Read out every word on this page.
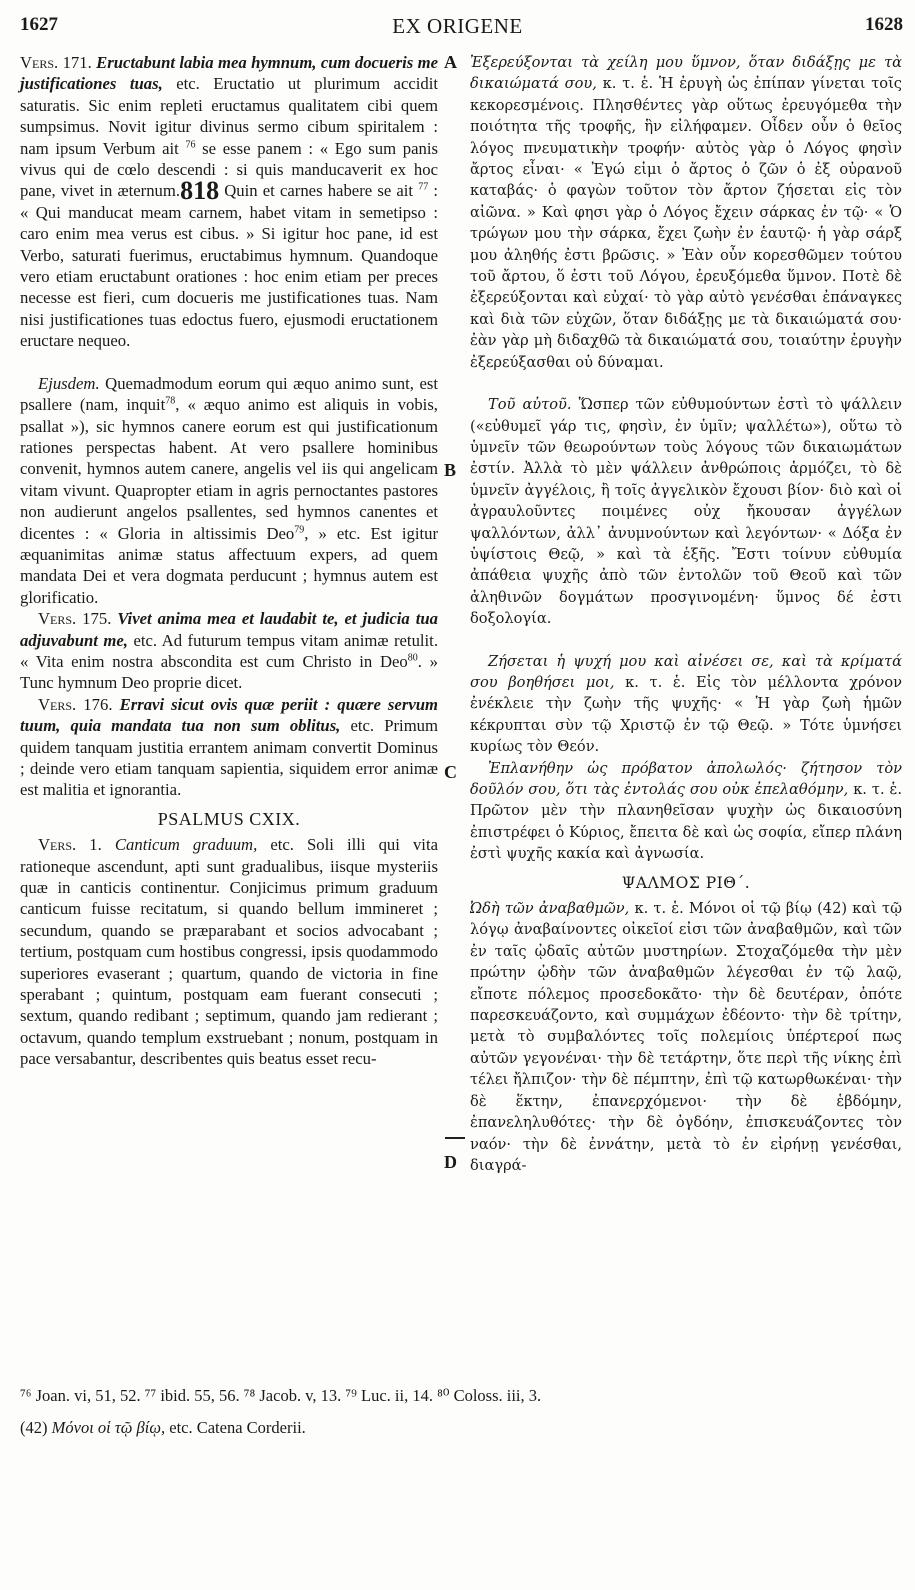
1627	EX ORIGENE	1628
A
B
C
D

Vers. 171. Eructabunt labia mea hymnum, cum docueris me justificationes tuas, etc. Eructatio ut plurimum accidit saturatis. Sic enim repleti eructamus qualitatem cibi quem sumpsimus. Novit igitur divinus sermo cibum spiritalem : nam ipsum Verbum ait $^{76}$ se esse panem : « Ego sum panis vivus qui de cœlo descendi : si quis manducaverit ex hoc pane, vivet in æternum.818 Quin et carnes habere se ait $^{77}$ : « Qui manducat meam carnem, habet vitam in semetipso : caro enim mea verus est cibus. » Si igitur hoc pane, id est Verbo, saturati fuerimus, eructabimus hymnum. Quandoque vero etiam eructabunt orationes : hoc enim etiam per preces necesse est fieri, cum docueris me justificationes tuas. Nam nisi justificationes tuas edoctus fuero, ejusmodi eructationem eructare nequeo.

Ejusdem. Quemadmodum eorum qui æquo animo sunt, est psallere (nam, inquit$^{78}$, « æquo animo est aliquis in vobis, psallat »), sic hymnos canere eorum est qui justificationum rationes perspectas habent. At vero psallere hominibus convenit, hymnos autem canere, angelis vel iis qui angelicam vitam vivunt. Quapropter etiam in agris pernoctantes pastores non audierunt angelos psallentes, sed hymnos canentes et dicentes : « Gloria in altissimis Deo$^{79}$, » etc. Est igitur æquanimitas animæ status affectuum expers, ad quem mandata Dei et vera dogmata perducunt ; hymnus autem est glorificatio.

Vers. 175. Vivet anima mea et laudabit te, et judicia tua adjuvabunt me, etc. Ad futurum tempus vitam animæ retulit. « Vita enim nostra abscondita est cum Christo in Deo$^{80}$. » Tunc hymnum Deo proprie dicet.

Vers. 176. Erravi sicut ovis quæ periit : quære servum tuum, quia mandata tua non sum oblitus, etc. Primum quidem tanquam justitia errantem animam convertit Dominus ; deinde vero etiam tanquam sapientia, siquidem error animæ est malitia et ignorantia.

PSALMUS CXIX.

Vers. 1. Canticum graduum, etc. Soli illi qui vita rationeque ascendunt, apti sunt gradualibus, iisque mysteriis quæ in canticis continentur. Conjicimus primum graduum canticum fuisse recitatum, si quando bellum immineret ; secundum, quando se præparabant et socios advocabant ; tertium, postquam cum hostibus congressi, ipsis quodammodo superiores evaserant ; quartum, quando de victoria in fine sperabant ; quintum, postquam eam fuerant consecuti ; sextum, quando redibant ; septimum, quando jam redierant ; octavum, quando templum exstruebant ; nonum, postquam in pace versabantur, describentes quis beatus esset recu-

Ἐξερεύξονται τὰ χείλη μου ὕμνον, ὅταν διδάξῃς με τὰ δικαιώματά σου, κ. τ. ἑ. Ἡ ἐρυγὴ ὡς ἐπίπαν γίνεται τοῖς κεκορεσμένοις. Πλησθέντες γὰρ οὕτως ἐρευγόμεθα τὴν ποιότητα τῆς τροφῆς, ἣν εἰλήφαμεν. Οἶδεν οὖν ὁ θεῖος λόγος πνευματικὴν τροφήν· αὐτὸς γὰρ ὁ Λόγος φησὶν ἄρτος εἶναι· « Ἐγώ εἰμι ὁ ἄρτος ὁ ζῶν ὁ ἐξ οὐρανοῦ καταβάς· ὁ φαγὼν τοῦτον τὸν ἄρτον ζήσεται εἰς τὸν αἰῶνα. » Καὶ φησι γὰρ ὁ Λόγος ἔχειν σάρκας ἐν τῷ· « Ὁ τρώγων μου τὴν σάρκα, ἔχει ζωὴν ἐν ἑαυτῷ· ἡ γὰρ σάρξ μου ἀληθής ἐστι βρῶσις. » Ἐὰν οὖν κορεσθῶμεν τούτου τοῦ ἄρτου, ὅ ἐστι τοῦ Λόγου, ἐρευξόμεθα ὕμνον. Ποτὲ δὲ ἐξερεύξονται καὶ εὐχαί· τὸ γὰρ αὐτὸ γενέσθαι ἐπάναγκες καὶ διὰ τῶν εὐχῶν, ὅταν διδάξῃς με τὰ δικαιώματά σου· ἐὰν γὰρ μὴ διδαχθῶ τὰ δικαιώματά σου, τοιαύτην ἐρυγὴν ἐξερεύξασθαι οὐ δύναμαι.

Τοῦ αὐτοῦ. Ὥσπερ τῶν εὐθυμούντων ἐστὶ τὸ ψάλλειν («εὐθυμεῖ γάρ τις, φησὶν, ἐν ὑμῖν; ψαλλέτω»), οὕτω τὸ ὑμνεῖν τῶν θεωρούντων τοὺς λόγους τῶν δικαιωμάτων ἐστίν. Ἀλλὰ τὸ μὲν ψάλλειν ἀνθρώποις ἁρμόζει, τὸ δὲ ὑμνεῖν ἀγγέλοις, ἢ τοῖς ἀγγελικὸν ἔχουσι βίον· διὸ καὶ οἱ ἀγραυλοῦντες ποιμένες οὐχ ἤκουσαν ἀγγέλων ψαλλόντων, ἀλλ᾽ ἀνυμνούντων καὶ λεγόντων· « Δόξα ἐν ὑψίστοις Θεῷ, » καὶ τὰ ἑξῆς. Ἔστι τοίνυν εὐθυμία ἀπάθεια ψυχῆς ἀπὸ τῶν ἐντολῶν τοῦ Θεοῦ καὶ τῶν ἀληθινῶν δογμάτων προσγινομένη· ὕμνος δέ ἐστι δοξολογία.

Ζήσεται ἡ ψυχή μου καὶ αἰνέσει σε, καὶ τὰ κρίματά σου βοηθήσει μοι, κ. τ. ἑ. Εἰς τὸν μέλλοντα χρόνον ἐνέκλειε τὴν ζωὴν τῆς ψυχῆς· « Ἡ γὰρ ζωὴ ἡμῶν κέκρυπται σὺν τῷ Χριστῷ ἐν τῷ Θεῷ. » Τότε ὑμνήσει κυρίως τὸν Θεόν.

Ἐπλανήθην ὡς πρόβατον ἀπολωλός· ζήτησον τὸν δοῦλόν σου, ὅτι τὰς ἐντολάς σου οὐκ ἐπελαθόμην, κ. τ. ἑ. Πρῶτον μὲν τὴν πλανηθεῖσαν ψυχὴν ὡς δικαιοσύνη ἐπιστρέφει ὁ Κύριος, ἔπειτα δὲ καὶ ὡς σοφία, εἴπερ πλάνη ἐστὶ ψυχῆς κακία καὶ ἀγνωσία.

ΨΑΛΜΟΣ ΡΙΘ΄.

Ὠδὴ τῶν ἀναβαθμῶν, κ. τ. ἑ. Μόνοι οἱ τῷ βίῳ (42) καὶ τῷ λόγῳ ἀναβαίνοντες οἰκεῖοί εἰσι τῶν ἀναβαθμῶν, καὶ τῶν ἐν ταῖς ᾠδαῖς αὐτῶν μυστηρίων. Στοχαζόμεθα τὴν μὲν πρώτην ᾠδὴν τῶν ἀναβαθμῶν λέγεσθαι ἐν τῷ λαῷ, εἴποτε πόλεμος προσεδοκᾶτο· τὴν δὲ δευτέραν, ὁπότε παρεσκευάζοντο, καὶ συμμάχων ἐδέοντο· τὴν δὲ τρίτην, μετὰ τὸ συμβαλόντες τοῖς πολεμίοις ὑπέρτεροί πως αὐτῶν γεγονέναι· τὴν δὲ τετάρτην, ὅτε περὶ τῆς νίκης ἐπὶ τέλει ἤλπιζον· τὴν δὲ πέμπτην, ἐπὶ τῷ κατωρθωκέναι· τὴν δὲ ἕκτην, ἐπανερχόμενοι· τὴν δὲ ἑβδόμην, ἐπανεληλυθότες· τὴν δὲ ὀγδόην, ἐπισκευάζοντες τὸν ναόν· τὴν δὲ ἐννάτην, μετὰ τὸ ἐν εἰρήνῃ γενέσθαι, διαγρά-

⁷⁶ Joan. vi, 51, 52. ⁷⁷ ibid. 55, 56. ⁷⁸ Jacob. v, 13. ⁷⁹ Luc. ii, 14. ⁸⁰ Coloss. iii, 3.
(42) Μόνοι οἱ τῷ βίῳ, etc. Catena Corderii.
